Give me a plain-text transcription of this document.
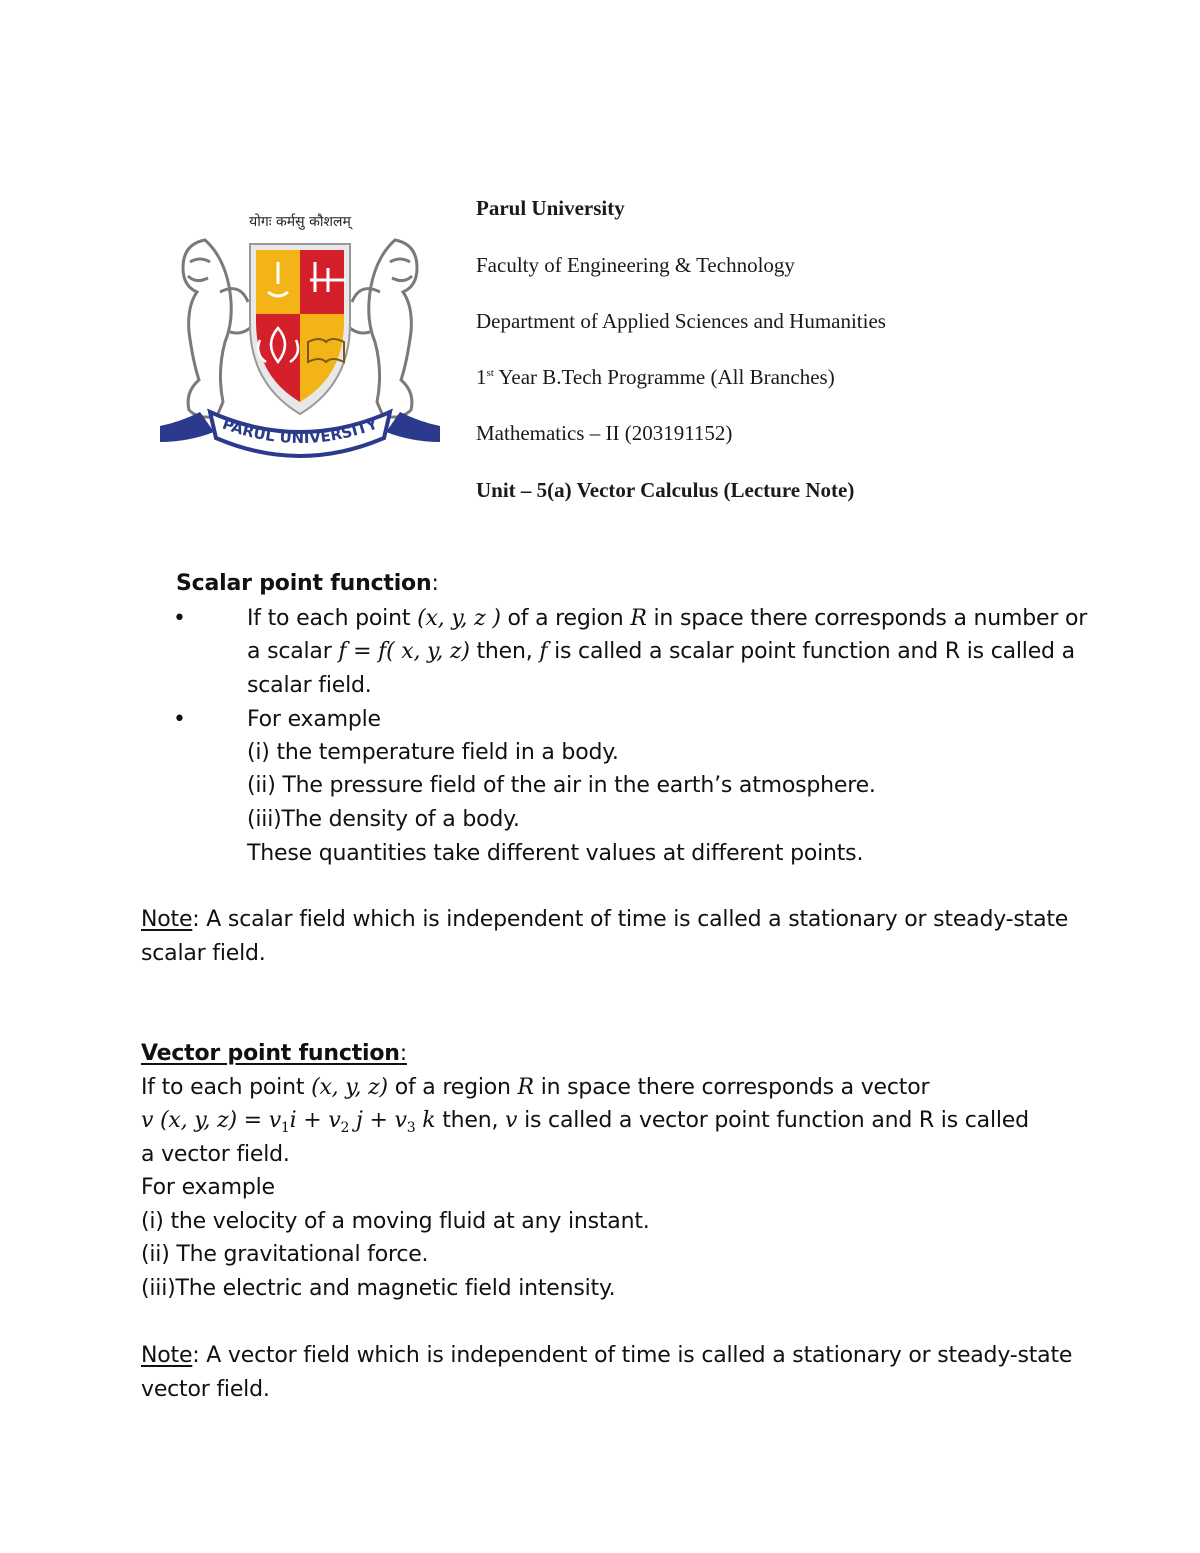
योगः कर्मसु कौशलम्
PARUL UNIVERSITY
Parul University
Faculty of Engineering & Technology
Department of Applied Sciences and Humanities
1st Year B.Tech Programme (All Branches)
Mathematics – II (203191152)
Unit – 5(a) Vector Calculus (Lecture Note)
Scalar point function:
•	If to each point (x, y, z ) of a region R in space there corresponds a number or
a scalar f = f( x, y, z) then, f is called a scalar point function and R is called a
scalar field.
•	For example
(i) the temperature field in a body.
(ii) The pressure field of the air in the earth’s atmosphere.
(iii)The density of a body.
These quantities take different values at different points.
Note: A scalar field which is independent of time is called a stationary or steady-state
scalar field.
Vector point function:
If to each point (x, y, z) of a region R in space there corresponds a vector
v (x, y, $z) = v_1i + v_2$ $j + v_3$ k then, v is called a vector point function and R is called
a vector field.
For example
(i) the velocity of a moving fluid at any instant.
(ii) The gravitational force.
(iii)The electric and magnetic field intensity.
Note: A vector field which is independent of time is called a stationary or steady-state
vector field.
